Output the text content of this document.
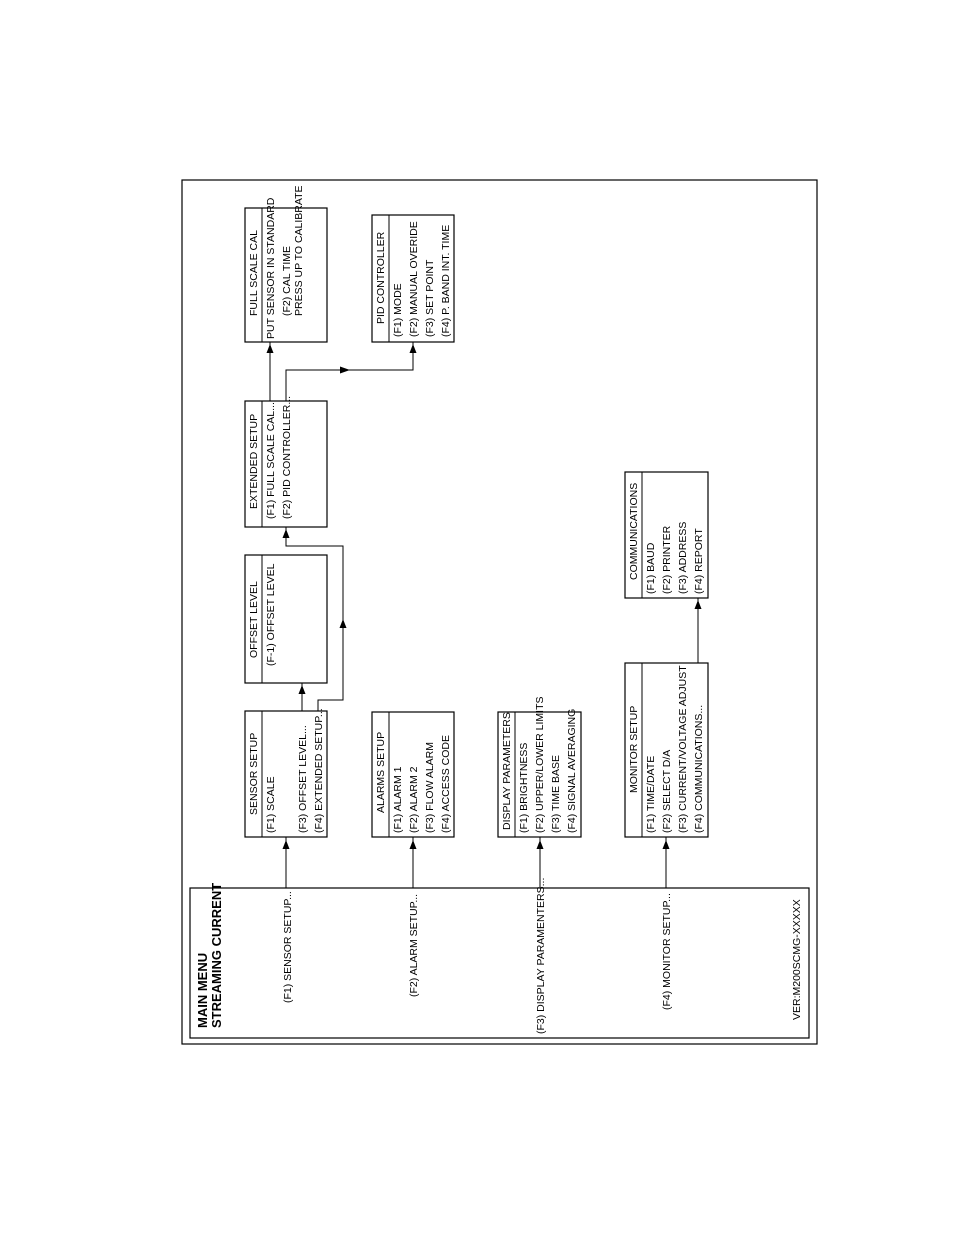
MAIN MENU STREAMING CURRENT	(F1) SENSOR SETUP...	(F2) ALARM SETUP...	(F3) DISPLAY PARAMENTERS...	(F4) MONITOR SETUP...	VER:M200SCMG-XXXXX
SENSOR SETUP (F1) SCALE (F3) OFFSET LEVEL... (F4) EXTENDED SETUP...
OFFSET LEVEL (F-1) OFFSET LEVEL
EXTENDED SETUP (F1) FULL SCALE CAL... (F2) PID CONTROLLER...
FULL SCALE CAL PUT SENSOR IN STANDARD (F2) CAL TIME PRESS UP TO CALIBRATE	PID CONTROLLER (F1) MODE (F2) MANUAL OVERIDE (F3) SET POINT (F4) P. BAND INT. TIME
ALARMS SETUP (F1) ALARM 1 (F2) ALARM 2 (F3) FLOW ALARM (F4) ACCESS CODE	DISPLAY PARAMETERS (F1) BRIGHTNESS (F2) UPPER/LOWER LIMITS (F3) TIME BASE (F4) SIGNAL AVERAGING	MONITOR SETUP
(F1) TIME/DATE (F2) SELECT D/A (F3) CURRENT/VOLTAGE ADJUST (F4) COMMUNICATIONS...
COMMUNICATIONS (F1) BAUD (F2) PRINTER (F3) ADDRESS (F4) REPORT
